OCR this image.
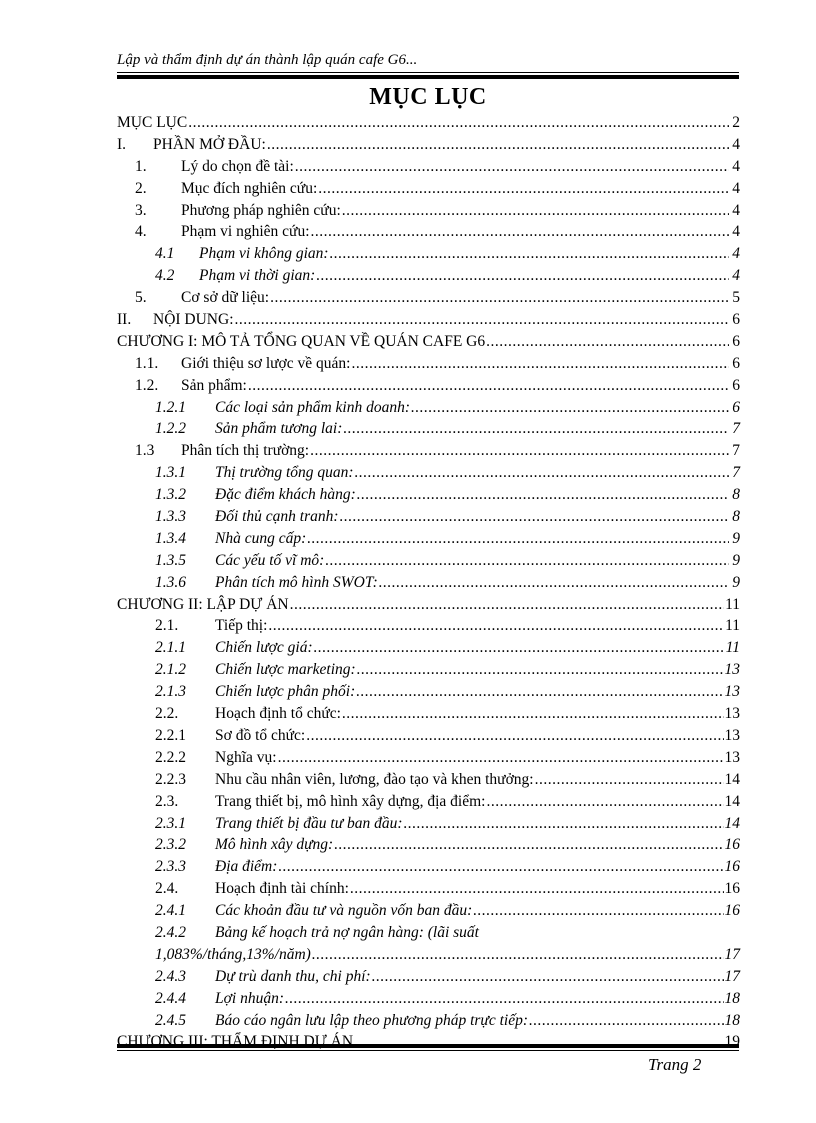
Lập và thẩm định dự án thành lập quán cafe G6...
MỤC LỤC
MỤC LỤC .....	2
I.	PHẦN MỞ ĐẦU: .....	4
1.	Lý do chọn đề tài: .....	4
2.	Mục đích nghiên cứu: .....	4
3.	Phương pháp nghiên cứu: .....	4
4.	Phạm vi nghiên cứu: .....	4
4.1	Phạm vi không gian: .....	4
4.2	Phạm vi thời gian: .....	4
5.	Cơ sở dữ liệu: .....	5
II.	NỘI DUNG: .....	6
CHƯƠNG I: MÔ TẢ TỔNG QUAN VỀ QUÁN CAFE G6 .....	6
1.1.	Giới thiệu sơ lược về quán: .....	6
1.2.	Sản phẩm: .....	6
1.2.1	Các loại sản phẩm kinh doanh: .....	6
1.2.2	Sản phẩm tương lai: .....	7
1.3	Phân tích thị trường: .....	7
1.3.1	Thị trường tổng quan: .....	7
1.3.2	Đặc điểm khách hàng: .....	8
1.3.3	Đối thủ cạnh tranh: .....	8
1.3.4	Nhà cung cấp: .....	9
1.3.5	Các yếu tố vĩ mô: .....	9
1.3.6	Phân tích mô hình SWOT: .....	9
CHƯƠNG II: LẬP DỰ ÁN .....	11
2.1.	Tiếp thị: .....	11
2.1.1	Chiến lược giá: .....	11
2.1.2	Chiến lược marketing: .....	13
2.1.3	Chiến lược phân phối: .....	13
2.2.	Hoạch định tổ chức: .....	13
2.2.1	Sơ đồ tổ chức: .....	13
2.2.2	Nghĩa vụ: .....	13
2.2.3	Nhu cầu nhân viên, lương, đào tạo và khen thưởng: .....	14
2.3.	Trang thiết bị, mô hình xây dựng, địa điểm: .....	14
2.3.1	Trang thiết bị đầu tư ban đầu: .....	14
2.3.2	Mô hình xây dựng: .....	16
2.3.3	Địa điểm: .....	16
2.4.	Hoạch định tài chính: .....	16
2.4.1	Các khoản đầu tư và nguồn vốn ban đầu: .....	16
2.4.2	Bảng kế hoạch trả nợ ngân hàng: (lãi suất
1,083%/tháng,13%/năm) .....	17
2.4.3	Dự trù danh thu, chi phí: .....	17
2.4.4	Lợi nhuận: .....	18
2.4.5	Báo cáo ngân lưu lập theo phương pháp trực tiếp: .....	18
CHƯƠNG III: THẨM ĐỊNH DỰ ÁN .....	19
Trang 2
